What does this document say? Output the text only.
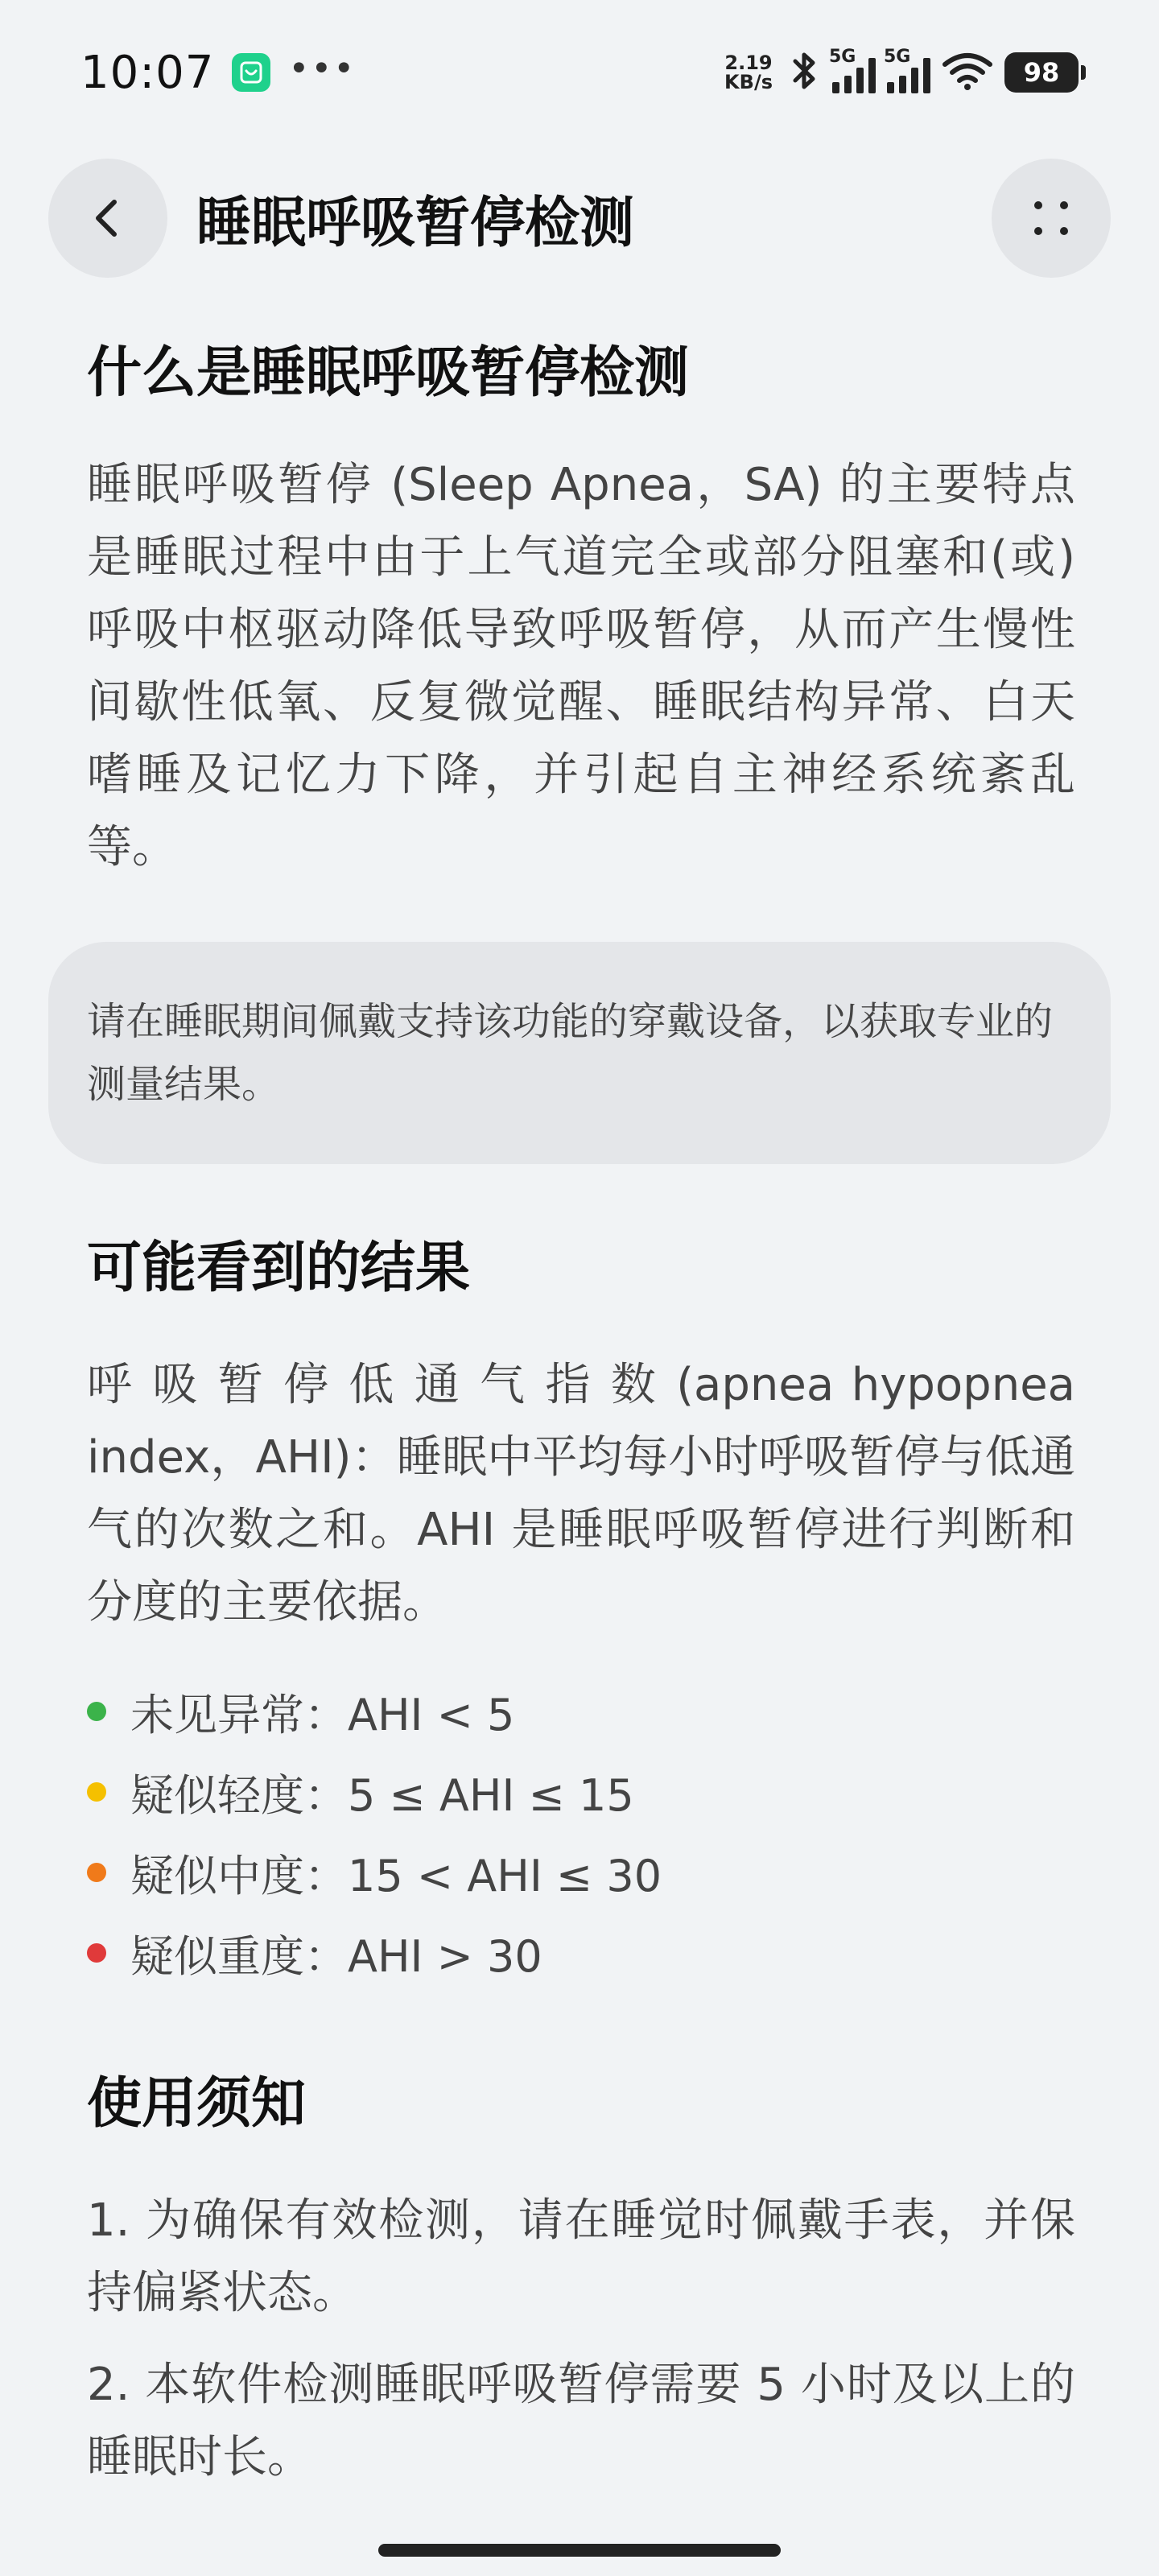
10:07 •••	2.19
KB/s
5G 5G
98
睡眠呼吸暂停检测
什么是睡眠呼吸暂停检测
睡眠呼吸暂停 (Sleep Apnea，SA) 的主要特点是睡眠过程中由于上气道完全或部分阻塞和(或) 呼吸中枢驱动降低导致呼吸暂停，从而产生慢性间歇性低氧、反复微觉醒、睡眠结构异常、白天嗜睡及记忆力下降，并引起自主神经系统紊乱等。
请在睡眠期间佩戴支持该功能的穿戴设备，以获取专业的测量结果。
可能看到的结果
呼 吸 暂 停 低 通 气 指 数 (apnea hypopnea index，AHI)：睡眠中平均每小时呼吸暂停与低通气的次数之和。AHI 是睡眠呼吸暂停进行判断和分度的主要依据。
未见异常：AHI < 5
疑似轻度：5 ≤ AHI ≤ 15
疑似中度：15 < AHI ≤ 30
疑似重度：AHI > 30
使用须知
1. 为确保有效检测，请在睡觉时佩戴手表，并保持偏紧状态。
2. 本软件检测睡眠呼吸暂停需要 5 小时及以上的睡眠时长。
